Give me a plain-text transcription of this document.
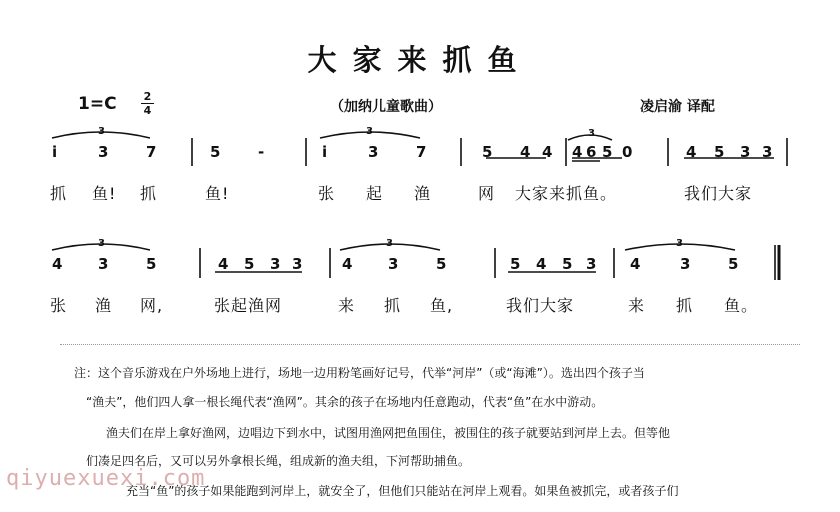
大家来抓鱼
1=C 2
4	（加纳儿童歌曲）	凌启渝 译配
3	3	3
3	3	3
i	3 7	5 -	i	3 7	5 4 4 4 6 5 0	4 5 3 3
抓 鱼! 抓	鱼!	张 起 渔	网 大家来抓鱼。	我们大家
4 3 5	4 5 3 3	4 3 5	5 4 5 3 4	3 5
张 渔 网,	张起渔网	来 抓 鱼,	我们大家	来 抓 鱼。
注：这个音乐游戏在户外场地上进行，场地一边用粉笔画好记号，代举“河岸”（或“海滩”）。选出四个孩子当
“渔夫”，他们四人拿一根长绳代表“渔网”。其余的孩子在场地内任意跑动，代表“鱼”在水中游动。
渔夫们在岸上拿好渔网，边唱边下到水中，试图用渔网把鱼围住，被围住的孩子就要站到河岸上去。但等他
们凑足四名后，又可以另外拿根长绳，组成新的渔夫组，下河帮助捕鱼。
充当“鱼”的孩子如果能跑到河岸上，就安全了，但他们只能站在河岸上观看。如果鱼被抓完，或者孩子们
qiyuexuexi.com
